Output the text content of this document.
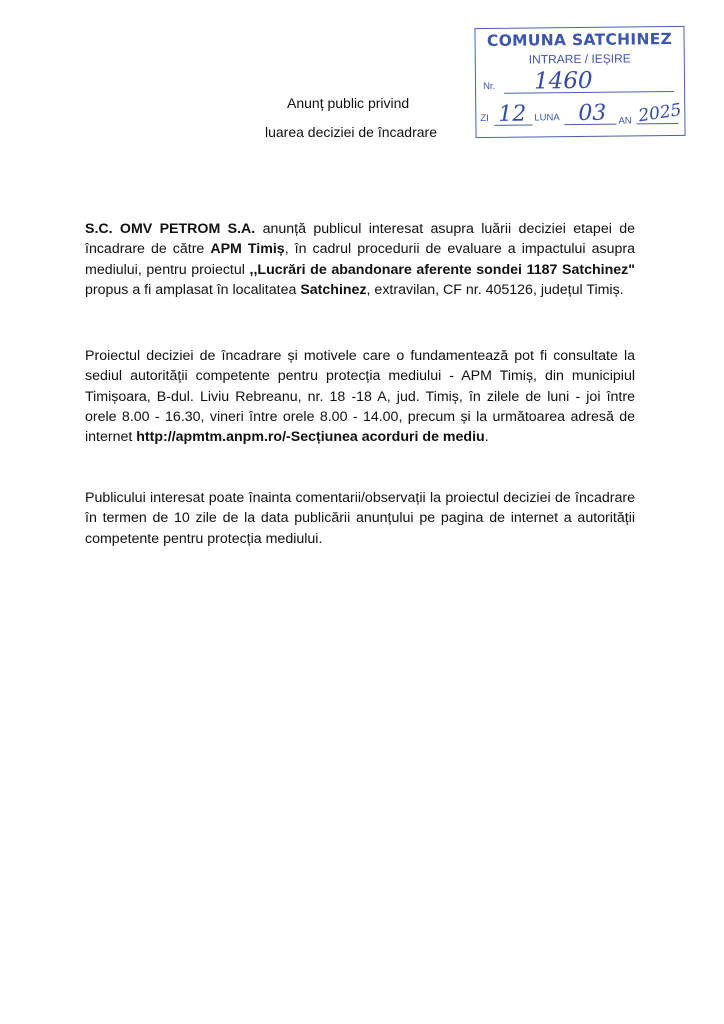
COMUNA SATCHINEZ
INTRARE / IEȘIRE
Nr. 1460
ZI 12 LUNA 03 AN 2025
Anunț public privind
luarea deciziei de încadrare

S.C. OMV PETROM S.A. anunță publicul interesat asupra luării deciziei etapei de încadrare de către APM Timiș, în cadrul procedurii de evaluare a impactului asupra mediului, pentru proiectul ,,Lucrări de abandonare aferente sondei 1187 Satchinez" propus a fi amplasat în localitatea Satchinez, extravilan, CF nr. 405126, județul Timiș.

Proiectul deciziei de încadrare și motivele care o fundamentează pot fi consultate la sediul autorității competente pentru protecția mediului - APM Timiș, din municipiul Timișoara, B-dul. Liviu Rebreanu, nr. 18 -18 A, jud. Timiș, în zilele de luni - joi între orele 8.00 - 16.30, vineri între orele 8.00 - 14.00, precum și la următoarea adresă de internet http://apmtm.anpm.ro/-Secțiunea acorduri de mediu.

Publicului interesat poate înainta comentarii/observații la proiectul deciziei de încadrare în termen de 10 zile de la data publicării anunțului pe pagina de internet a autorității competente pentru protecția mediului.
